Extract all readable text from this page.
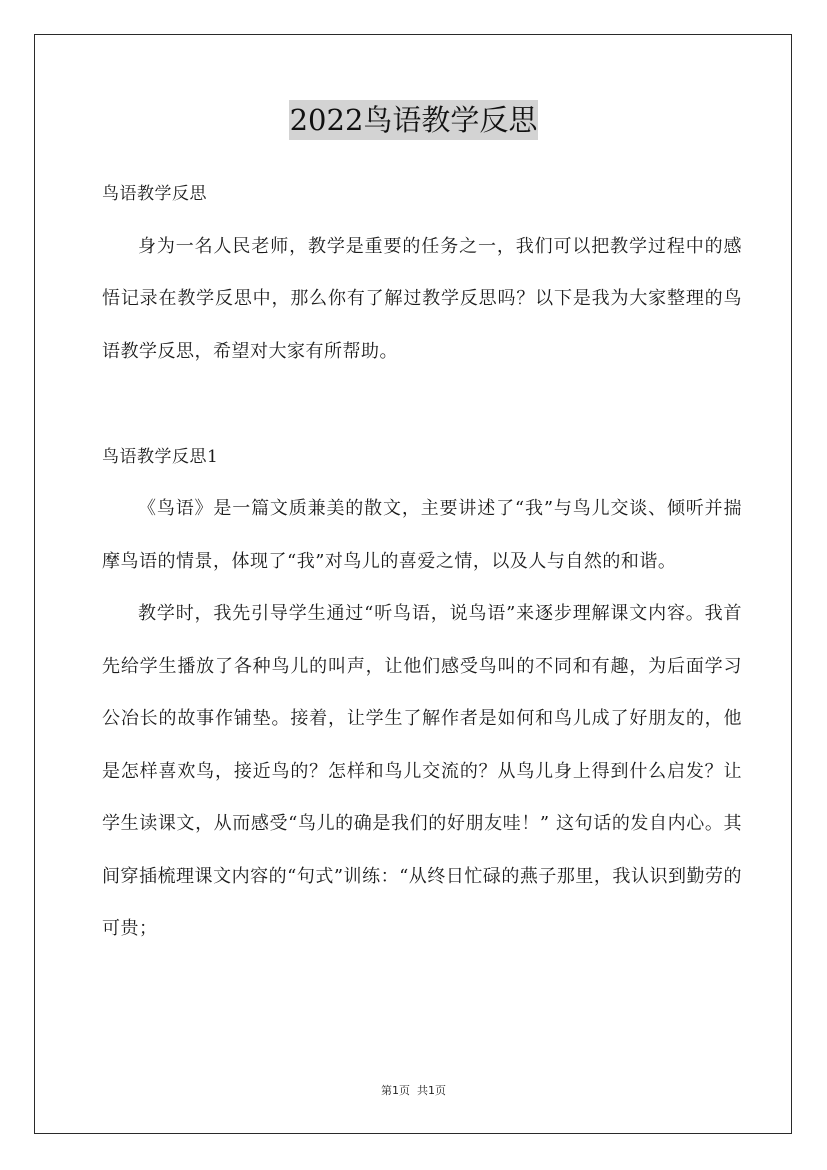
2022鸟语教学反思

鸟语教学反思

身为一名人民老师，教学是重要的任务之一，我们可以把教学过程中的感悟记录在教学反思中，那么你有了解过教学反思吗？以下是我为大家整理的鸟语教学反思，希望对大家有所帮助。

鸟语教学反思1

《鸟语》是一篇文质兼美的散文，主要讲述了“我”与鸟儿交谈、倾听并揣摩鸟语的情景，体现了“我”对鸟儿的喜爱之情，以及人与自然的和谐。

教学时，我先引导学生通过“听鸟语，说鸟语”来逐步理解课文内容。我首先给学生播放了各种鸟儿的叫声，让他们感受鸟叫的不同和有趣，为后面学习公冶长的故事作铺垫。接着，让学生了解作者是如何和鸟儿成了好朋友的，他是怎样喜欢鸟，接近鸟的？怎样和鸟儿交流的？从鸟儿身上得到什么启发？让学生读课文，从而感受“鸟儿的确是我们的好朋友哇！” 这句话的发自内心。其间穿插梳理课文内容的“句式”训练：“从终日忙碌的燕子那里，我认识到勤劳的可贵；

第1页  共1页
